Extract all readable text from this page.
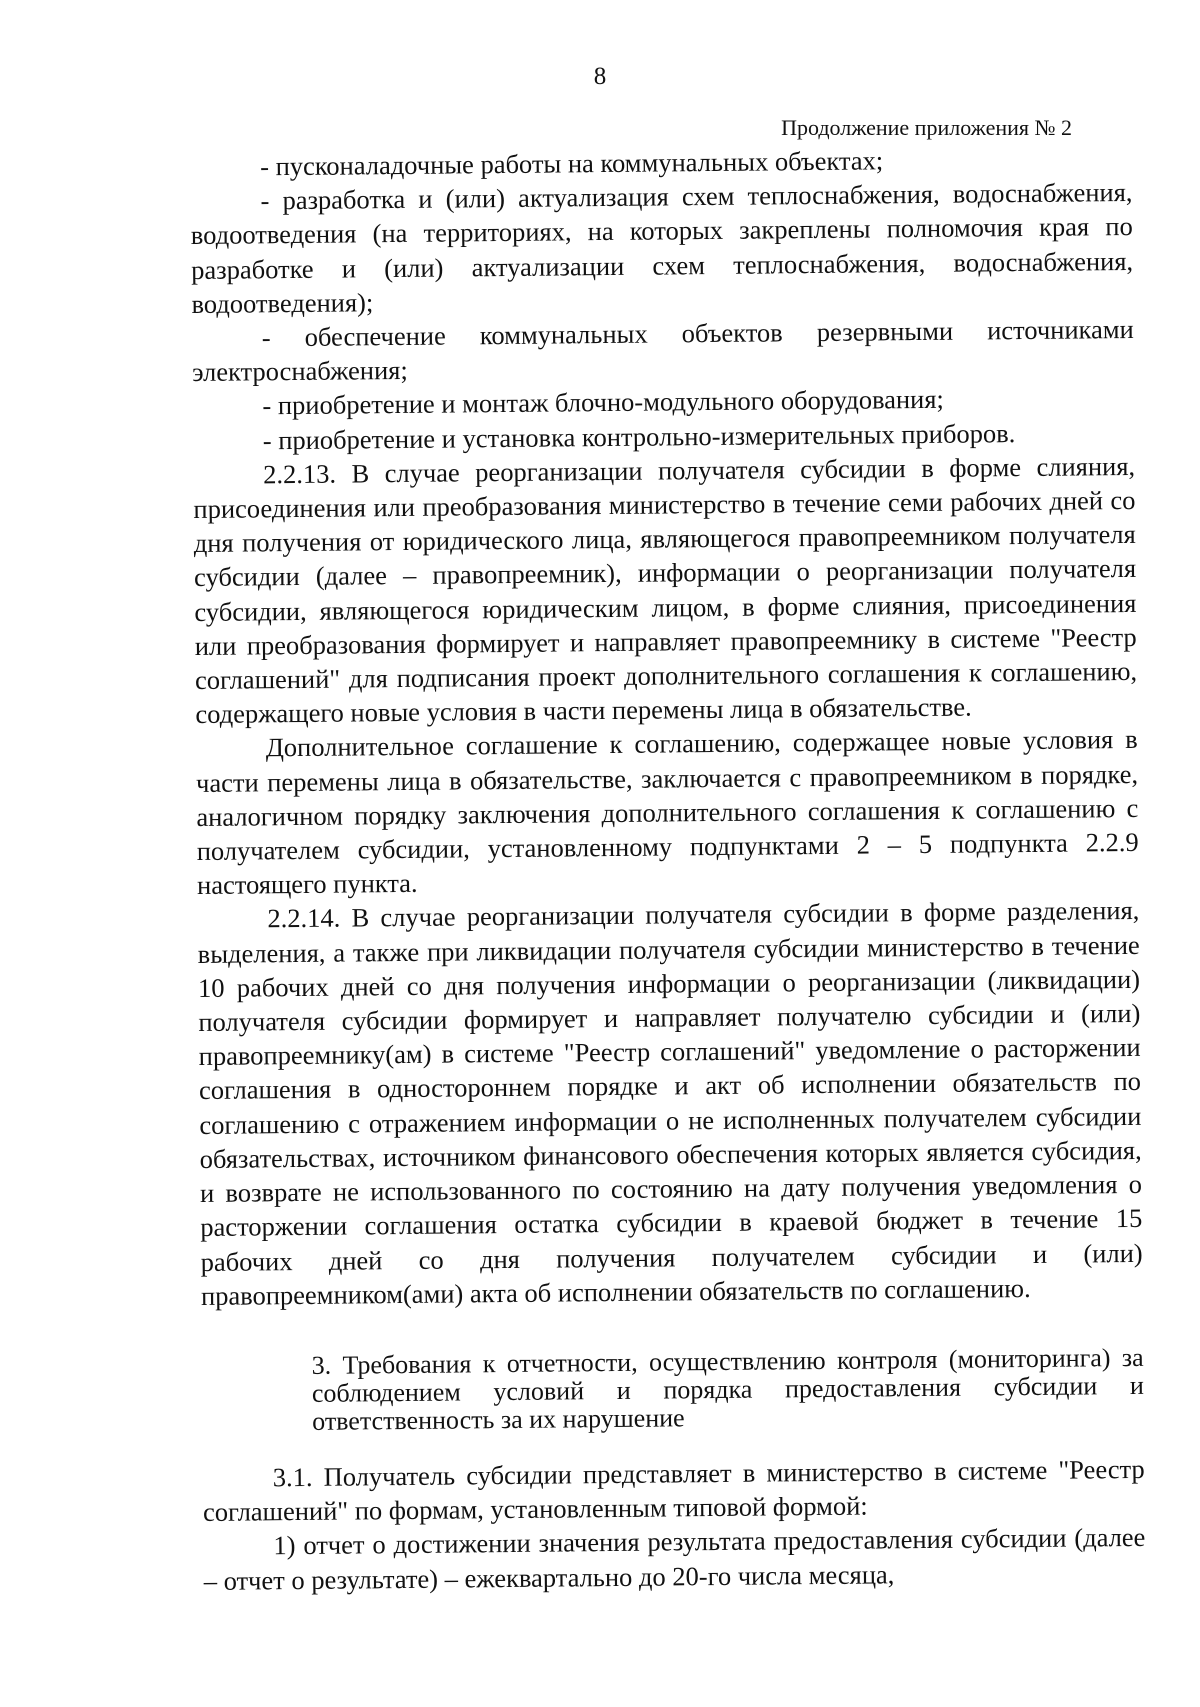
8
Продолжение приложения № 2

- пусконаладочные работы на коммунальных объектах;

- разработка и (или) актуализация схем теплоснабжения, водоснабжения, водоотведения (на территориях, на которых закреплены полномочия края по разработке и (или) актуализации схем теплоснабжения, водоснабжения, водоотведения);

- обеспечение коммунальных объектов резервными источниками электроснабжения;

- приобретение и монтаж блочно-модульного оборудования;

- приобретение и установка контрольно-измерительных приборов.

2.2.13. В случае реорганизации получателя субсидии в форме слияния, присоединения или преобразования министерство в течение семи рабочих дней со дня получения от юридического лица, являющегося правопреемником получателя субсидии (далее – правопреемник), информации о реорганизации получателя субсидии, являющегося юридическим лицом, в форме слияния, присоединения или преобразования формирует и направляет правопреемнику в системе "Реестр соглашений" для подписания проект дополнительного соглашения к соглашению, содержащего новые условия в части перемены лица в обязательстве.

Дополнительное соглашение к соглашению, содержащее новые условия в части перемены лица в обязательстве, заключается с правопреемником в порядке, аналогичном порядку заключения дополнительного соглашения к соглашению с получателем субсидии, установленному подпунктами 2 – 5 подпункта 2.2.9 настоящего пункта.

2.2.14. В случае реорганизации получателя субсидии в форме разделения, выделения, а также при ликвидации получателя субсидии министерство в течение 10 рабочих дней со дня получения информации о реорганизации (ликвидации) получателя субсидии формирует и направляет получателю субсидии и (или) правопреемнику(ам) в системе "Реестр соглашений" уведомление о расторжении соглашения в одностороннем порядке и акт об исполнении обязательств по соглашению с отражением информации о не исполненных получателем субсидии обязательствах, источником финансового обеспечения которых является субсидия, и возврате не использованного по состоянию на дату получения уведомления о расторжении соглашения остатка субсидии в краевой бюджет в течение 15 рабочих дней со дня получения получателем субсидии и (или) правопреемником(ами) акта об исполнении обязательств по соглашению.

3. Требования к отчетности, осуществлению контроля (мониторинга) за соблюдением условий и порядка предоставления субсидии и ответственность за их нарушение

3.1. Получатель субсидии представляет в министерство в системе "Реестр соглашений" по формам, установленным типовой формой:

1) отчет о достижении значения результата предоставления субсидии (далее – отчет о результате) – ежеквартально до 20-го числа месяца,
